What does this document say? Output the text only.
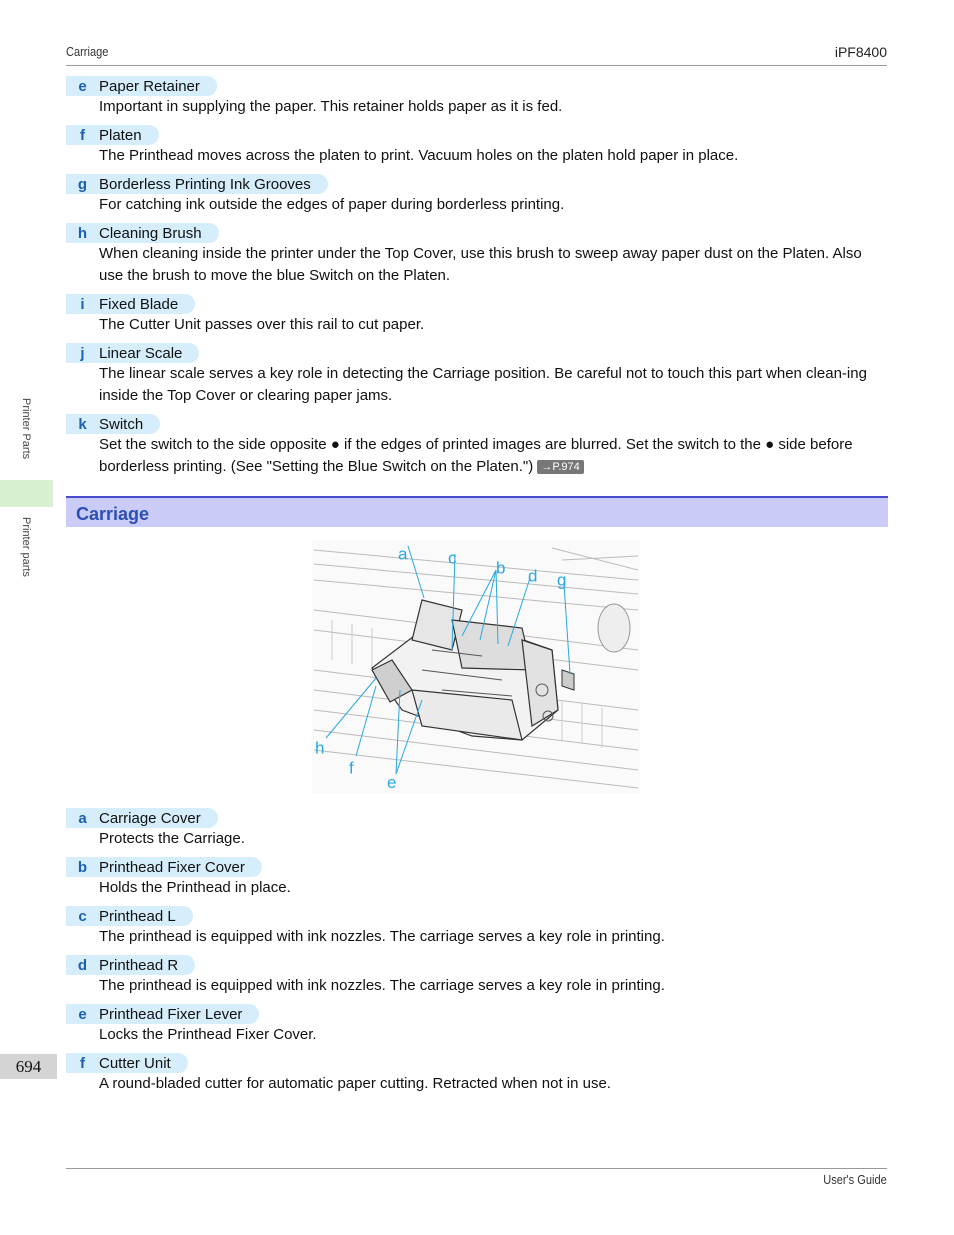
Carriage	iPF8400
Printer Parts
Printer parts
694
e Paper Retainer
Important in supplying the paper. This retainer holds paper as it is fed.
f Platen
The Printhead moves across the platen to print. Vacuum holes on the platen hold paper in place.
g Borderless Printing Ink Grooves
For catching ink outside the edges of paper during borderless printing.
h Cleaning Brush
When cleaning inside the printer under the Top Cover, use this brush to sweep away paper dust on the Platen. Also use the brush to move the blue Switch on the Platen.
i Fixed Blade
The Cutter Unit passes over this rail to cut paper.
j Linear Scale
The linear scale serves a key role in detecting the Carriage position. Be careful not to touch this part when clean-ing inside the Top Cover or clearing paper jams.
k Switch
Set the switch to the side opposite ● if the edges of printed images are blurred. Set the switch to the ● side before borderless printing. (See "Setting the Blue Switch on the Platen.") →P.974
Carriage
a c
b d g
h
f
e
a Carriage Cover
Protects the Carriage.
b Printhead Fixer Cover
Holds the Printhead in place.
c Printhead L
The printhead is equipped with ink nozzles. The carriage serves a key role in printing.
d Printhead R
The printhead is equipped with ink nozzles. The carriage serves a key role in printing.
e Printhead Fixer Lever
Locks the Printhead Fixer Cover.
f Cutter Unit
A round-bladed cutter for automatic paper cutting. Retracted when not in use.
User's Guide
